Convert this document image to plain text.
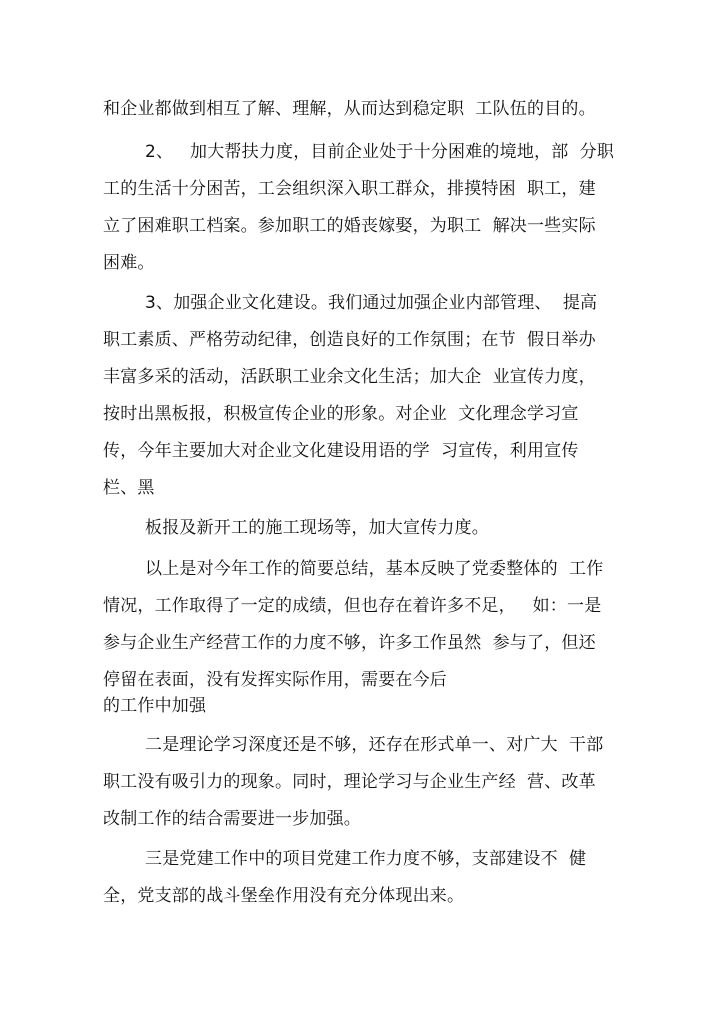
和企业都做到相互了解、理解，从而达到稳定职  工队伍的目的。
2、   加大帮扶力度，目前企业处于十分困难的境地，部  分职
工的生活十分困苦，工会组织深入职工群众，排摸特困  职工，建
立了困难职工档案。参加职工的婚丧嫁娶，为职工  解决一些实际
困难。
3、加强企业文化建设。我们通过加强企业内部管理、  提高
职工素质、严格劳动纪律，创造良好的工作氛围；在节  假日举办
丰富多采的活动，活跃职工业余文化生活；加大企  业宣传力度，
按时出黑板报，积极宣传企业的形象。对企业  文化理念学习宣
传，今年主要加大对企业文化建设用语的学  习宣传，利用宣传
栏、黑
板报及新开工的施工现场等，加大宣传力度。
以上是对今年工作的简要总结，基本反映了党委整体的  工作
情况，工作取得了一定的成绩，但也存在着许多不足，   如：一是
参与企业生产经营工作的力度不够，许多工作虽然  参与了，但还
停留在表面，没有发挥实际作用，需要在今后
的工作中加强
二是理论学习深度还是不够，还存在形式单一、对广大  干部
职工没有吸引力的现象。同时，理论学习与企业生产经  营、改革
改制工作的结合需要进一步加强。
三是党建工作中的项目党建工作力度不够，支部建设不  健
全，党支部的战斗堡垒作用没有充分体现出来。
